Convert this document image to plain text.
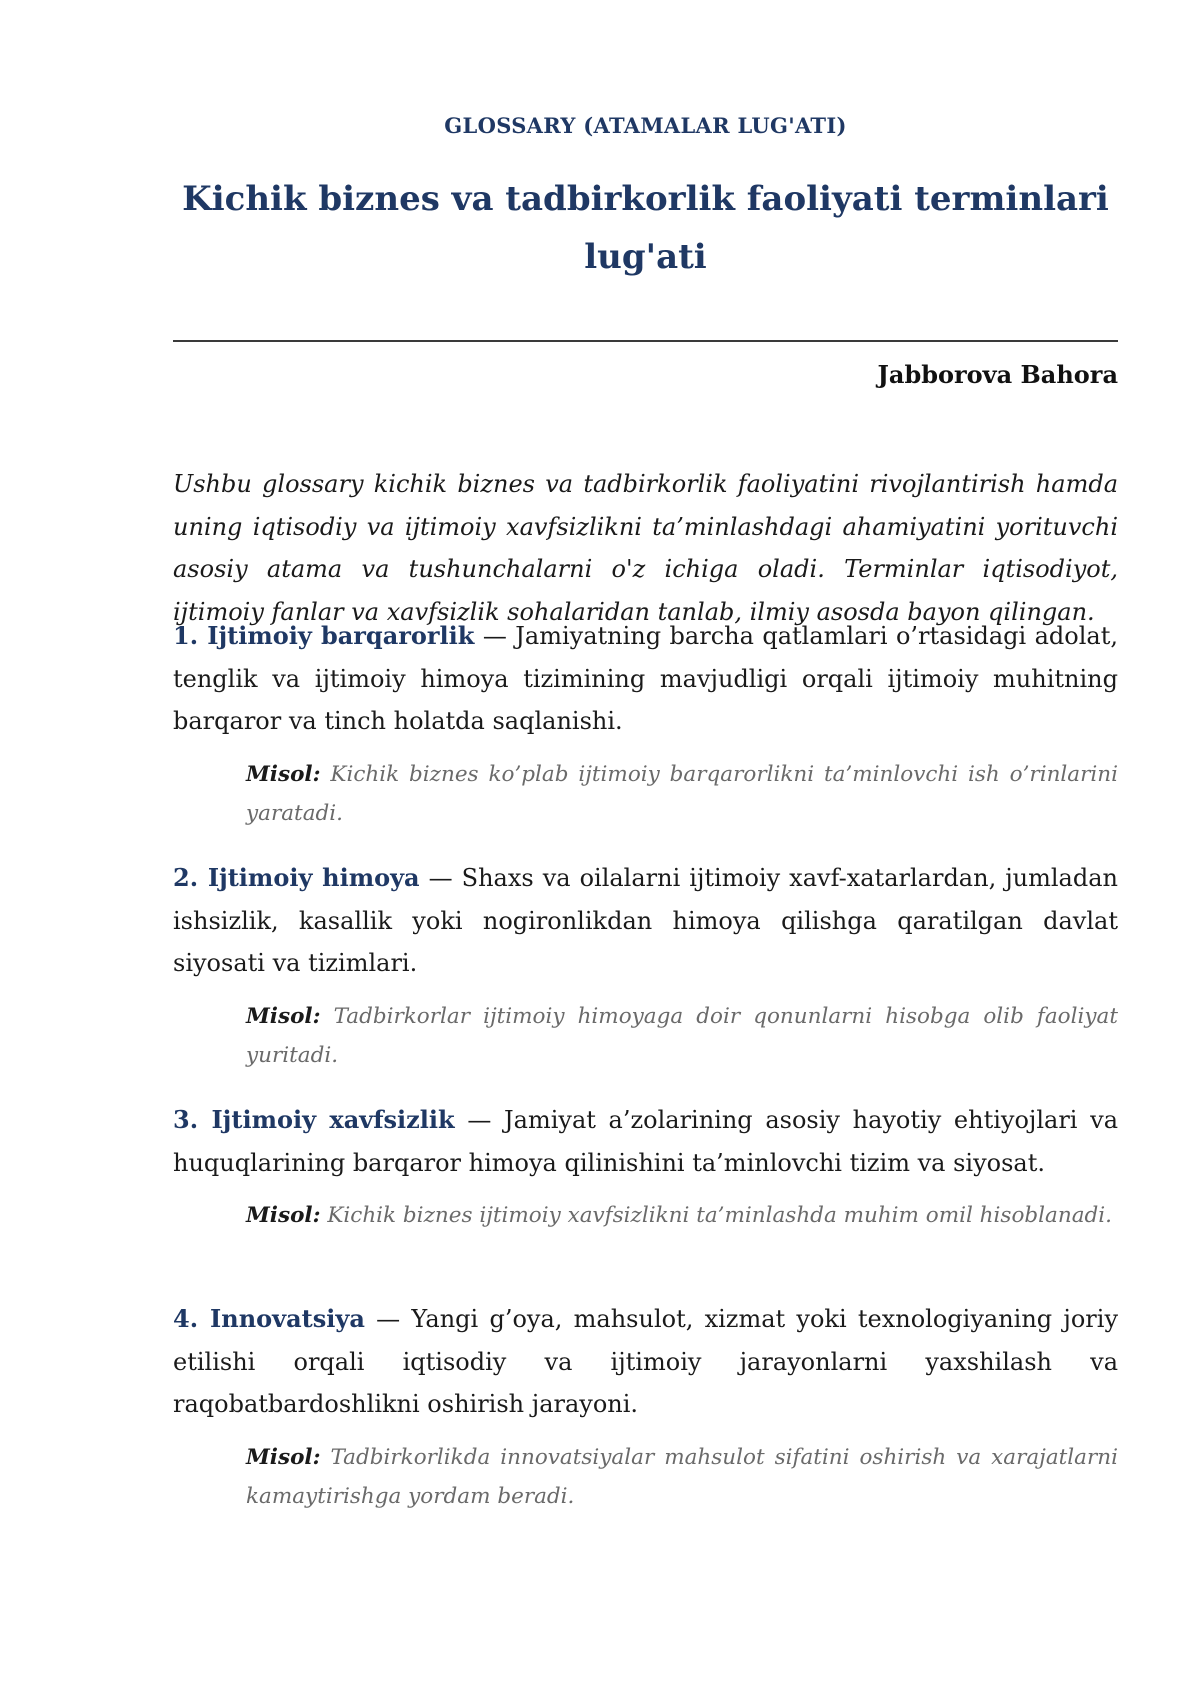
GLOSSARY (ATAMALAR LUG'ATI)
Kichik biznes va tadbirkorlik faoliyati terminlari
lug'ati
Jabborova Bahora

Ushbu glossary kichik biznes va tadbirkorlik faoliyatini rivojlantirish hamda uning iqtisodiy va ijtimoiy xavfsizlikni ta’minlashdagi ahamiyatini yorituvchi asosiy atama va tushunchalarni o'z ichiga oladi. Terminlar iqtisodiyot, ijtimoiy fanlar va xavfsizlik sohalaridan tanlab, ilmiy asosda bayon qilingan.

1. Ijtimoiy barqarorlik — Jamiyatning barcha qatlamlari o’rtasidagi adolat, tenglik va ijtimoiy himoya tizimining mavjudligi orqali ijtimoiy muhitning barqaror va tinch holatda saqlanishi.

Misol: Kichik biznes ko’plab ijtimoiy barqarorlikni ta’minlovchi ish o’rinlarini yaratadi.

2. Ijtimoiy himoya — Shaxs va oilalarni ijtimoiy xavf-xatarlardan, jumladan ishsizlik, kasallik yoki nogironlikdan himoya qilishga qaratilgan davlat siyosati va tizimlari.

Misol: Tadbirkorlar ijtimoiy himoyaga doir qonunlarni hisobga olib faoliyat yuritadi.

3. Ijtimoiy xavfsizlik — Jamiyat a’zolarining asosiy hayotiy ehtiyojlari va huquqlarining barqaror himoya qilinishini ta’minlovchi tizim va siyosat.

Misol: Kichik biznes ijtimoiy xavfsizlikni ta’minlashda muhim omil hisoblanadi.

4. Innovatsiya — Yangi g’oya, mahsulot, xizmat yoki texnologiyaning joriy etilishi orqali iqtisodiy va ijtimoiy jarayonlarni yaxshilash va raqobatbardoshlikni oshirish jarayoni.

Misol: Tadbirkorlikda innovatsiyalar mahsulot sifatini oshirish va xarajatlarni kamaytirishga yordam beradi.
